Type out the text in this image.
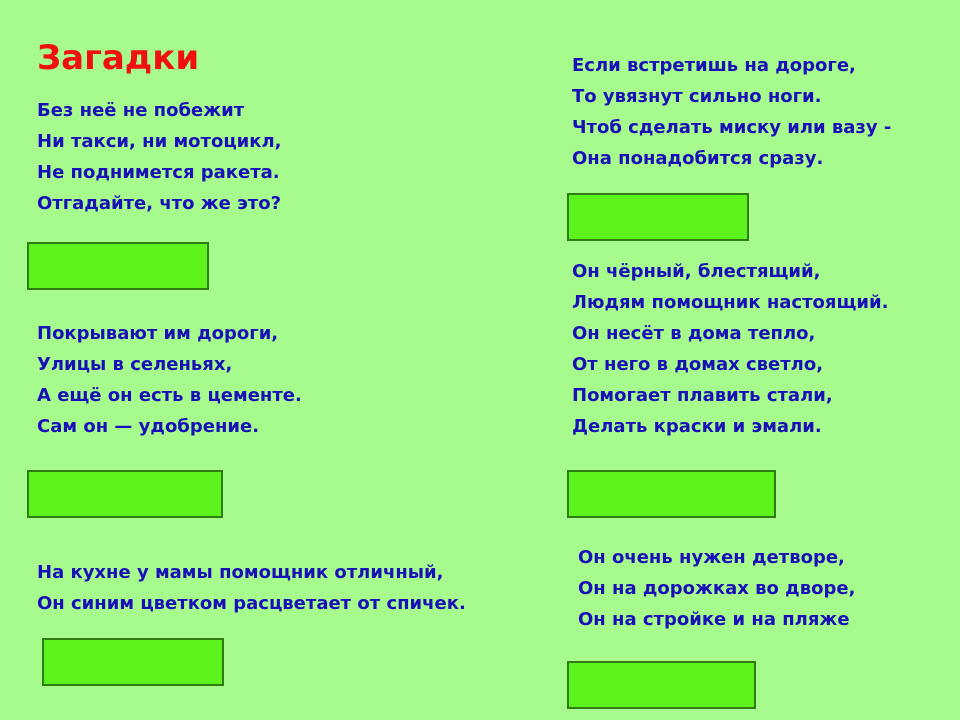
Загадки
Без неё не побежит
Ни такси, ни мотоцикл,
Не поднимется ракета.
Отгадайте, что же это?
Покрывают им дороги,
Улицы в селеньях,
А ещё он есть в цементе.
Сам он — удобрение.
На кухне у мамы помощник отличный,
Он синим цветком расцветает от спичек.
Если встретишь на дороге,
То увязнут сильно ноги.
Чтоб сделать миску или вазу -
Она понадобится сразу.
Он чёрный, блестящий,
Людям помощник настоящий.
Он несёт в дома тепло,
От него в домах светло,
Помогает плавить стали,
Делать краски и эмали.
Он очень нужен детворе,
Он на дорожках во дворе,
Он на стройке и на пляже
